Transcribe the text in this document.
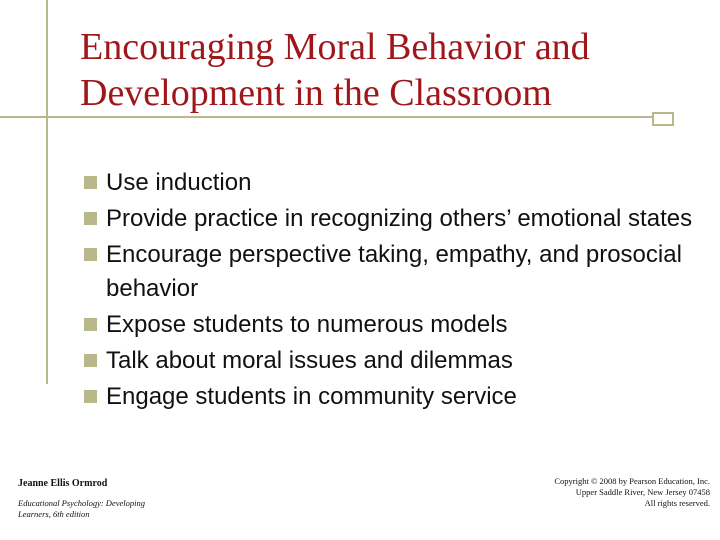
Encouraging Moral Behavior and
Development in the Classroom
Use induction
Provide practice in recognizing others’ emotional states
Encourage perspective taking, empathy, and prosocial behavior
Expose students to numerous models
Talk about moral issues and dilemmas
Engage students in community service
Jeanne Ellis Ormrod
Educational Psychology: Developing Learners, 6th edition
Copyright © 2008 by Pearson Education, Inc.
Upper Saddle River, New Jersey 07458
All rights reserved.
